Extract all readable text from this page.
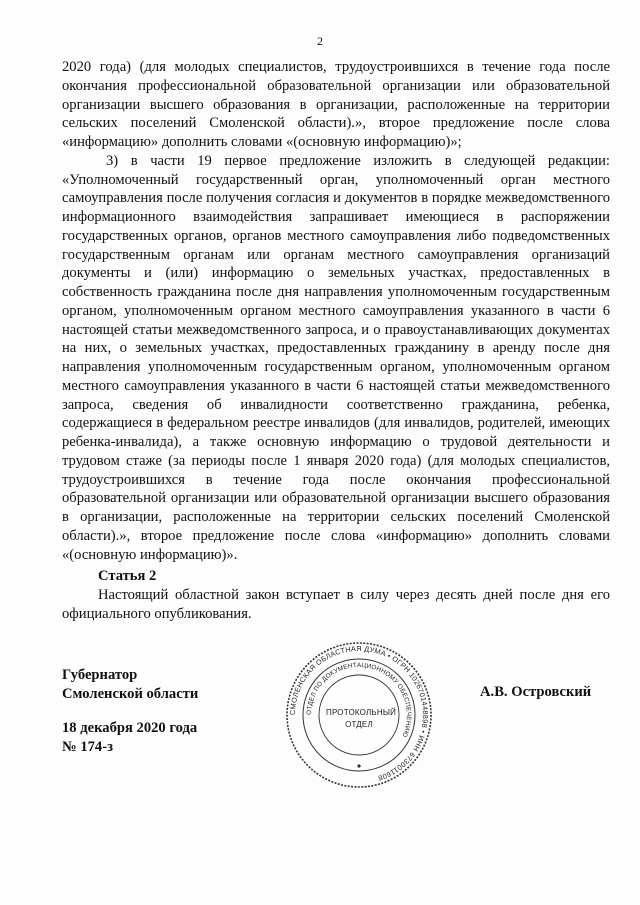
2

2020 года) (для молодых специалистов, трудоустроившихся в течение года после окончания профессиональной образовательной организации или образовательной организации высшего образования в организации, расположенные на территории сельских поселений Смоленской области).», второе предложение после слова «информацию» дополнить словами «(основную информацию)»;

3) в части 19 первое предложение изложить в следующей редакции: «Уполномоченный государственный орган, уполномоченный орган местного самоуправления после получения согласия и документов в порядке межведомственного информационного взаимодействия запрашивает имеющиеся в распоряжении государственных органов, органов местного самоуправления либо подведомственных государственным органам или органам местного самоуправления организаций документы и (или) информацию о земельных участках, предоставленных в собственность гражданина после дня направления уполномоченным государственным органом, уполномоченным органом местного самоуправления указанного в части 6 настоящей статьи межведомственного запроса, и о правоустанавливающих документах на них, о земельных участках, предоставленных гражданину в аренду после дня направления уполномоченным государственным органом, уполномоченным органом местного самоуправления указанного в части 6 настоящей статьи межведомственного запроса, сведения об инвалидности соответственно гражданина, ребенка, содержащиеся в федеральном реестре инвалидов (для инвалидов, родителей, имеющих ребенка-инвалида), а также основную информацию о трудовой деятельности и трудовом стаже (за периоды после 1 января 2020 года) (для молодых специалистов, трудоустроившихся в течение года после окончания профессиональной образовательной организации или образовательной организации высшего образования в организации, расположенные на территории сельских поселений Смоленской области).», второе предложение после слова «информацию» дополнить словами «(основную информацию)».

Статья 2

Настоящий областной закон вступает в силу через десять дней после дня его официального опубликования.

Губернатор
Смоленской области
18 декабря 2020 года
№ 174-з
А.В. Островский
СМОЛЕНСКАЯ ОБЛАСТНАЯ ДУМА • ОГРН 1026701448898 • ИНН 6730011608
ОТДЕЛ ПО ДОКУМЕНТАЦИОННОМУ ОБЕСПЕЧЕНИЮ
ПРОТОКОЛЬНЫЙ
ОТДЕЛ
